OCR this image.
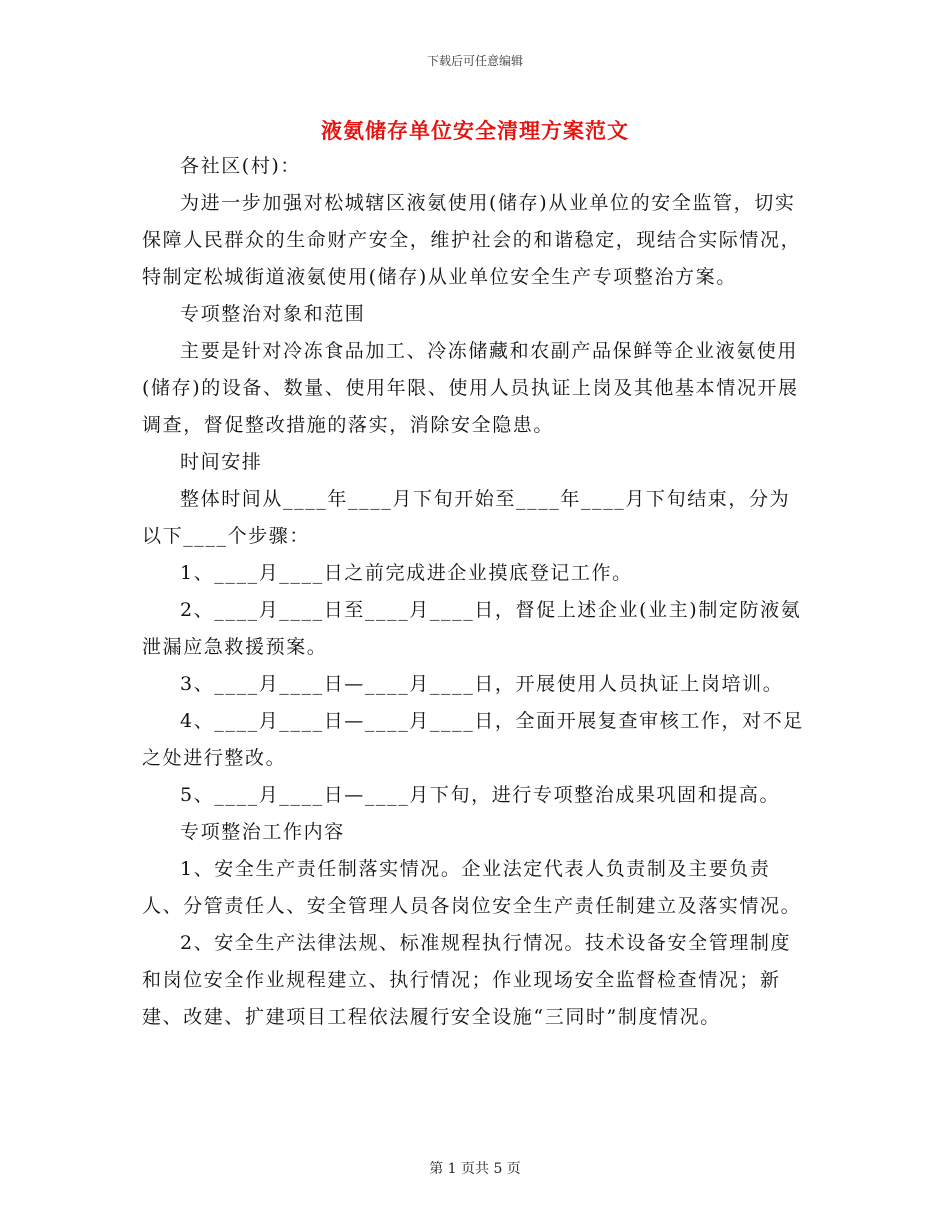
下载后可任意编辑
液氨储存单位安全清理方案范文

各社区(村)：

为进一步加强对松城辖区液氨使用(储存)从业单位的安全监管，切实保障人民群众的生命财产安全，维护社会的和谐稳定，现结合实际情况，特制定松城街道液氨使用(储存)从业单位安全生产专项整治方案。

专项整治对象和范围

主要是针对冷冻食品加工、冷冻储藏和农副产品保鲜等企业液氨使用(储存)的设备、数量、使用年限、使用人员执证上岗及其他基本情况开展调查，督促整改措施的落实，消除安全隐患。

时间安排

整体时间从____年____月下旬开始至____年____月下旬结束，分为以下____个步骤：

1、____月____日之前完成进企业摸底登记工作。

2、____月____日至____月____日，督促上述企业(业主)制定防液氨泄漏应急救援预案。

3、____月____日—____月____日，开展使用人员执证上岗培训。

4、____月____日—____月____日，全面开展复查审核工作，对不足之处进行整改。

5、____月____日—____月下旬，进行专项整治成果巩固和提高。

专项整治工作内容

1、安全生产责任制落实情况。企业法定代表人负责制及主要负责人、分管责任人、安全管理人员各岗位安全生产责任制建立及落实情况。

2、安全生产法律法规、标准规程执行情况。技术设备安全管理制度和岗位安全作业规程建立、执行情况；作业现场安全监督检查情况；新建、改建、扩建项目工程依法履行安全设施“三同时”制度情况。

第 1 页共 5 页
